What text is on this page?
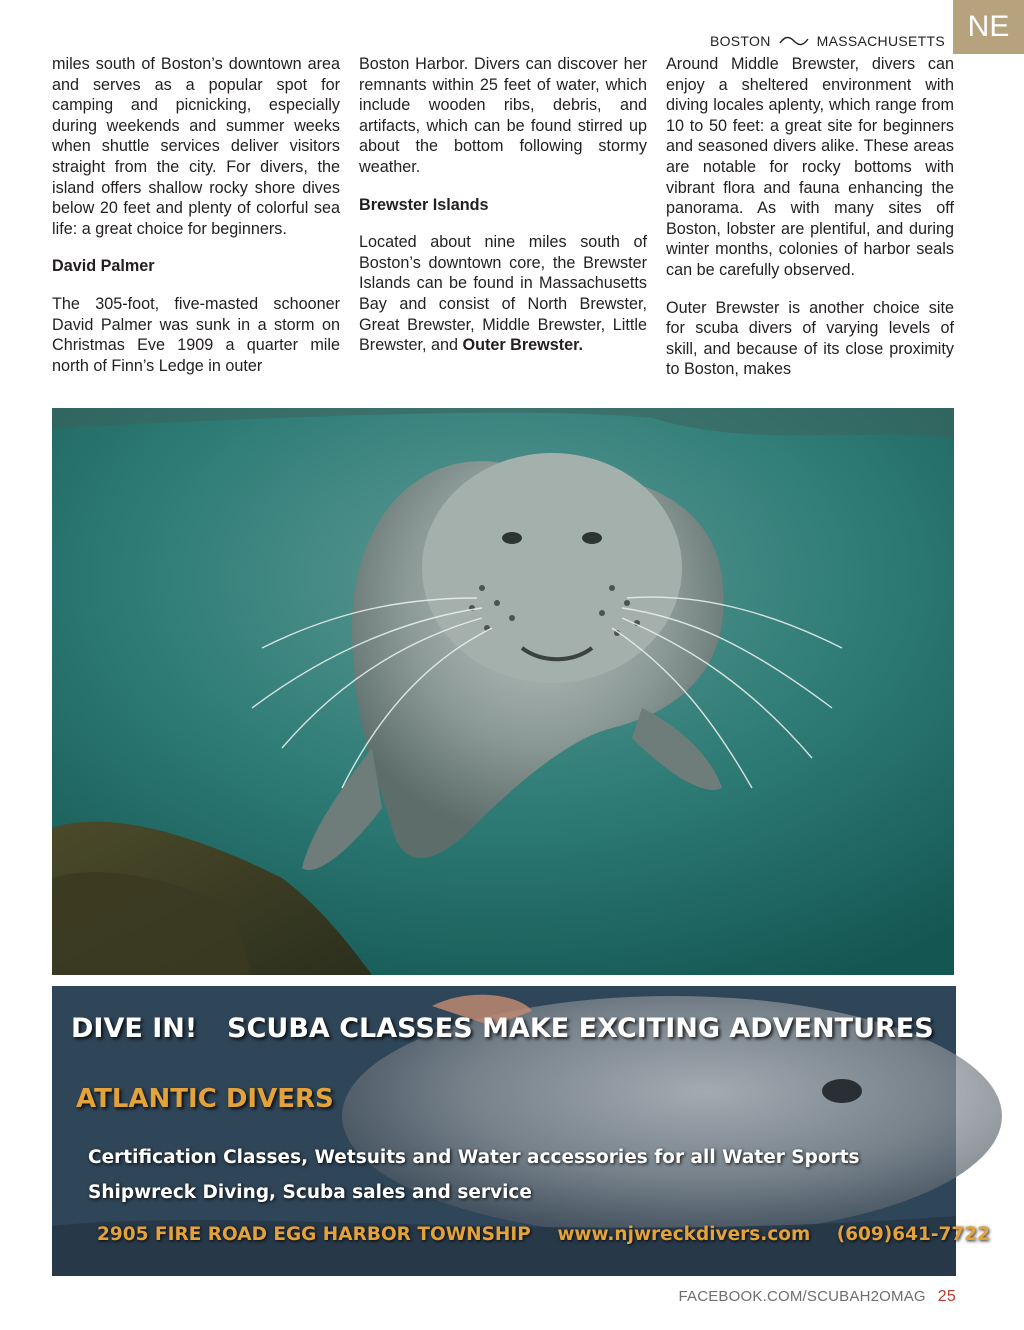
BOSTON	MASSACHUSETTS NE

miles south of Boston’s downtown area and serves as a popular spot for camping and picnicking, especially during weekends and summer weeks when shuttle services deliver visitors straight from the city. For divers, the island offers shallow rocky shore dives below 20 feet and plenty of colorful sea life: a great choice for beginners.

David Palmer

The 305-foot, five-masted schooner David Palmer was sunk in a storm on Christmas Eve 1909 a quarter mile north of Finn’s Ledge in outer

Boston Harbor. Divers can discover her remnants within 25 feet of water, which include wooden ribs, debris, and artifacts, which can be found stirred up about the bottom following stormy weather.

Brewster Islands

Located about nine miles south of Boston’s downtown core, the Brewster Islands can be found in Massachusetts Bay and consist of North Brewster, Great Brewster, Middle Brewster, Little Brewster, and Outer Brewster.

Around Middle Brewster, divers can enjoy a sheltered environment with diving locales aplenty, which range from 10 to 50 feet: a great site for beginners and seasoned divers alike. These areas are notable for rocky bottoms with vibrant flora and fauna enhancing the panorama. As with many sites off Boston, lobster are plentiful, and during winter months, colonies of harbor seals can be carefully observed.

Outer Brewster is another choice site for scuba divers of varying levels of skill, and because of its close proximity to Boston, makes

DIVE IN! SCUBA CLASSES MAKE EXCITING ADVENTURES
ATLANTIC DIVERS
Certification Classes, Wetsuits and Water accessories for all Water Sports
Shipwreck Diving, Scuba sales and service
2905 FIRE ROAD EGG HARBOR TOWNSHIP www.njwreckdivers.com (609)641-7722
FACEBOOK.COM/SCUBAH2OMAG 25
